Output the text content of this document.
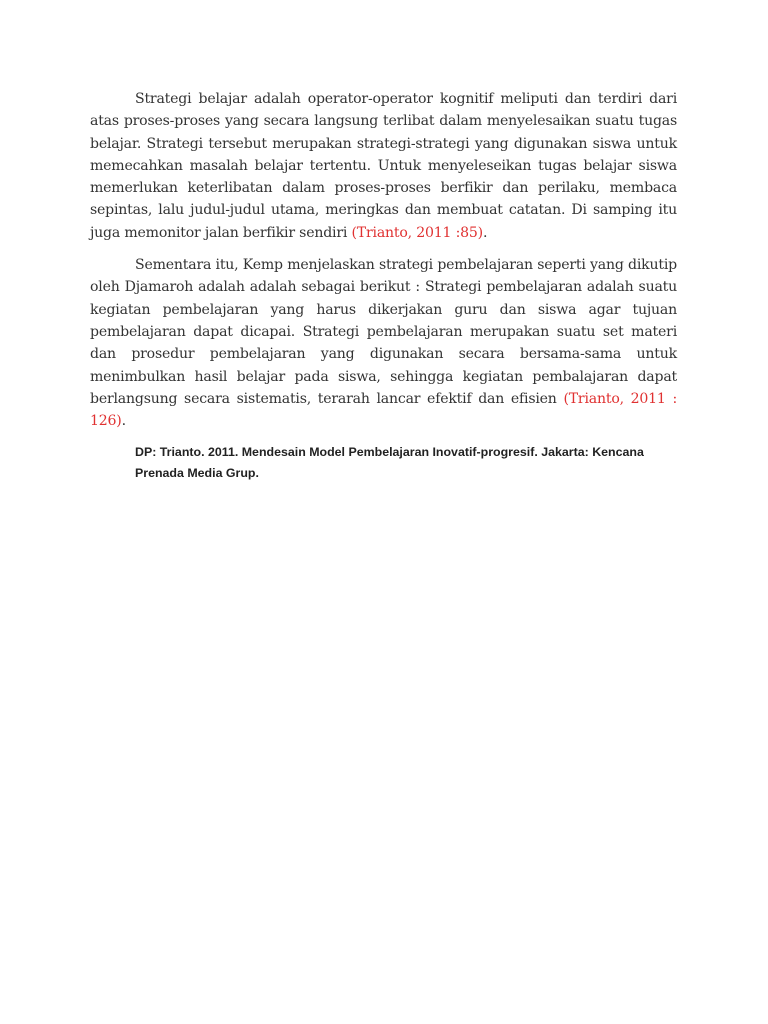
Strategi belajar adalah operator-operator kognitif meliputi dan terdiri dari atas proses-proses yang secara langsung terlibat dalam menyelesaikan suatu tugas belajar. Strategi tersebut merupakan strategi-strategi yang digunakan siswa untuk memecahkan masalah belajar tertentu. Untuk menyeleseikan tugas belajar siswa memerlukan keterlibatan dalam proses-proses berfikir dan perilaku, membaca sepintas, lalu judul-judul utama, meringkas dan membuat catatan. Di samping itu juga memonitor jalan berfikir sendiri (Trianto, 2011 :85).

Sementara itu, Kemp menjelaskan strategi pembelajaran seperti yang dikutip oleh Djamaroh adalah adalah sebagai berikut : Strategi pembelajaran adalah suatu kegiatan pembelajaran yang harus dikerjakan guru dan siswa agar tujuan pembelajaran dapat dicapai. Strategi pembelajaran merupakan suatu set materi dan prosedur pembelajaran yang digunakan secara bersama-sama untuk menimbulkan hasil belajar pada siswa, sehingga kegiatan pembalajaran dapat berlangsung secara sistematis, terarah lancar efektif dan efisien (Trianto, 2011 : 126).

DP: Trianto. 2011. Mendesain Model Pembelajaran Inovatif-progresif. Jakarta: Kencana Prenada Media Grup.
